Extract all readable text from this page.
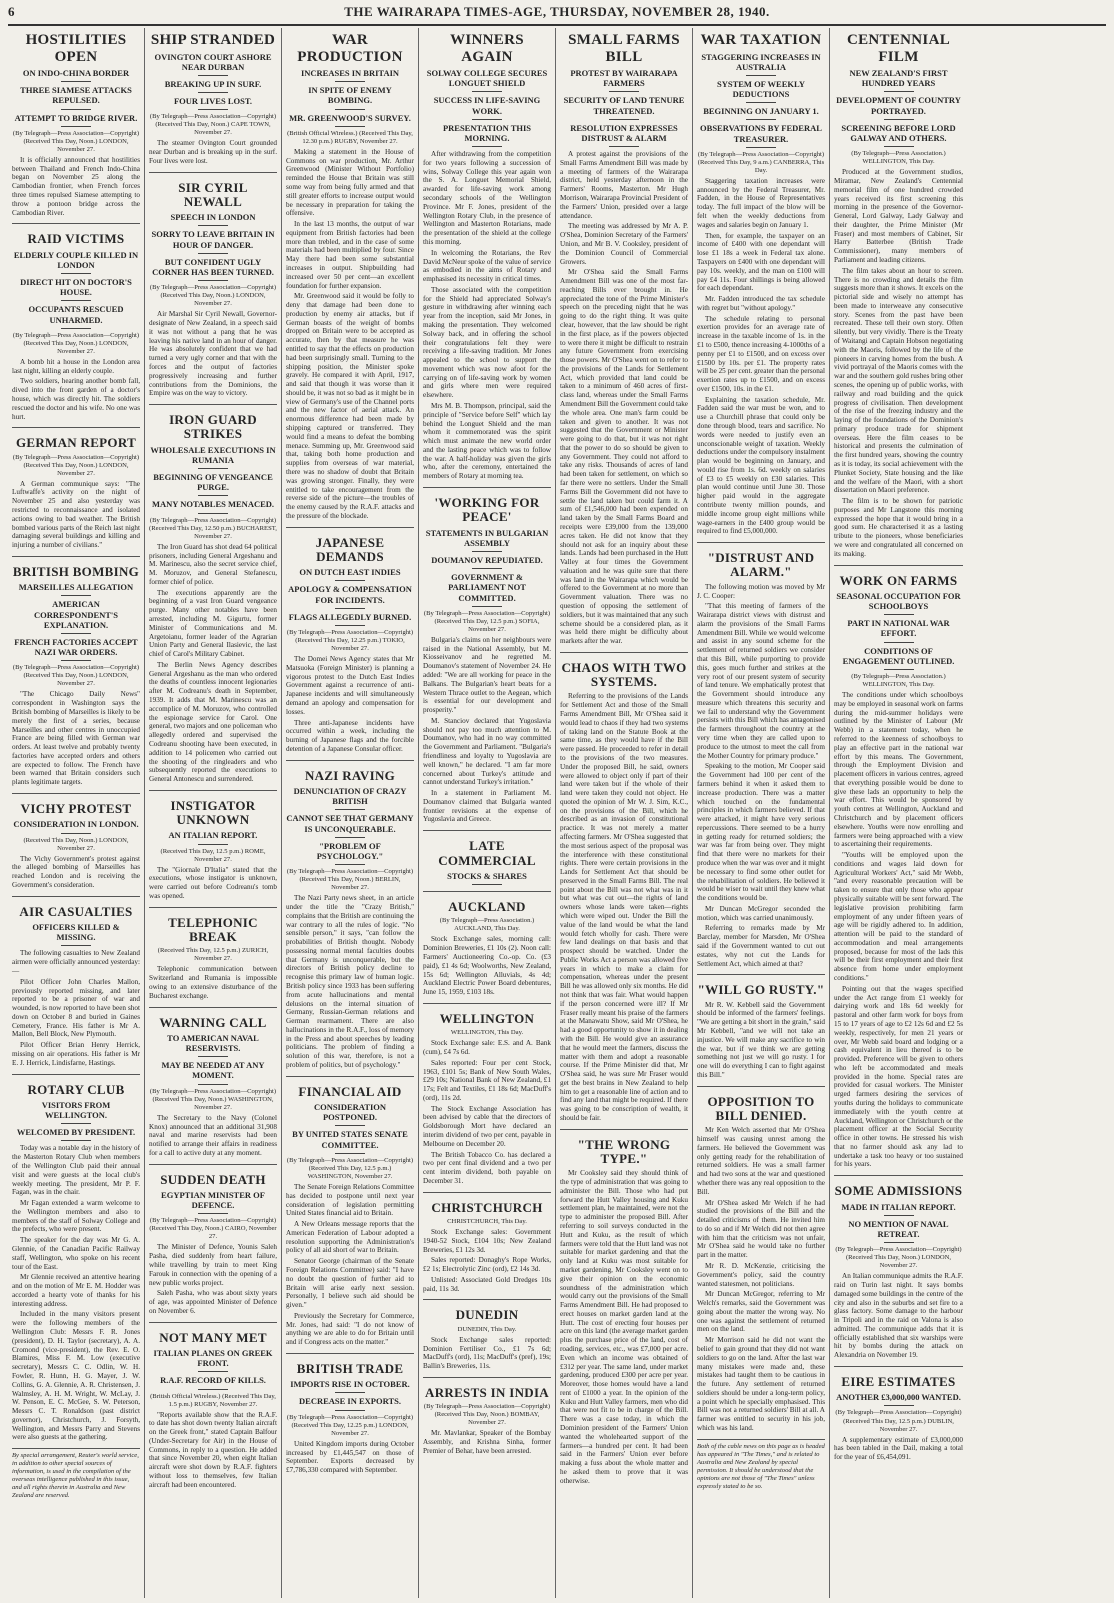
6	THE WAIRARAPA TIMES-AGE, THURSDAY, NOVEMBER 28, 1940.
HOSTILITIES OPEN
ON INDO-CHINA BORDER
THREE SIAMESE ATTACKS REPULSED.
ATTEMPT TO BRIDGE RIVER.
(By Telegraph—Press Association—Copyright) (Received This Day, Noon.) LONDON, November 27.

It is officially announced that hostilities between Thailand and French Indo-China began on November 25 along the Cambodian frontier, when French forces three times repulsed Siamese attempting to throw a pontoon bridge across the Cambodian River.

RAID VICTIMS
ELDERLY COUPLE KILLED IN LONDON
DIRECT HIT ON DOCTOR'S HOUSE.
OCCUPANTS RESCUED UNHARMED.
(By Telegraph—Press Association—Copyright) (Received This Day, Noon.) LONDON, November 27.

A bomb hit a house in the London area last night, killing an elderly couple.

Two soldiers, hearing another bomb fall, dived into the front garden of a doctor's house, which was directly hit. The soldiers rescued the doctor and his wife. No one was hurt.

GERMAN REPORT
(By Telegraph—Press Association—Copyright) (Received This Day, Noon.) LONDON, November 27.

A German communique says: "The Luftwaffe's activity on the night of November 25 and also yesterday was restricted to reconnaissance and isolated actions owing to bad weather. The British bombed various parts of the Reich last night damaging several buildings and killing and injuring a number of civilians."

BRITISH BOMBING
MARSEILLES ALLEGATION
AMERICAN CORRESPONDENT'S EXPLANATION.
FRENCH FACTORIES ACCEPT NAZI WAR ORDERS.
(By Telegraph—Press Association—Copyright) (Received This Day, Noon.) LONDON, November 27.

"The Chicago Daily News" correspondent in Washington says the British bombing of Marseilles is likely to be merely the first of a series, because Marseilles and other centres in unoccupied France are being filled with German war orders. At least twelve and probably twenty factories have accepted orders and others are expected to follow. The French have been warned that Britain considers such plants legitimate targets.

VICHY PROTEST
CONSIDERATION IN LONDON.
(Received This Day, Noon.) LONDON, November 27.

The Vichy Government's protest against the alleged bombing of Marseilles has reached London and is receiving the Government's consideration.

AIR CASUALTIES
OFFICERS KILLED & MISSING.

The following casualties to New Zealand airmen were officially announced yesterday:—

Pilot Officer John Charles Mallon, previously reported missing, and later reported to be a prisoner of war and wounded, is now reported to have been shot down on October 8 and buried in Gaines Cemetery, France. His father is Mr A. Mallon, Bell Block, New Plymouth.

Pilot Officer Brian Henry Herrick, missing on air operations. His father is Mr E. J. Herrick, Lindisfarne, Hastings.

ROTARY CLUB
VISITORS FROM WELLINGTON.
WELCOMED BY PRESIDENT.

Today was a notable day in the history of the Masterton Rotary Club when members of the Wellington Club paid their annual visit and were guests at the local club's weekly meeting. The president, Mr P. F. Fagan, was in the chair.

Mr Fagan extended a warm welcome to the Wellington members and also to members of the staff of Solway College and the prefects, who were present.

The speaker for the day was Mr G. A. Glennie, of the Canadian Pacific Railway staff, Wellington, who spoke on his recent tour of the East.

Mr Glennie received an attentive hearing and on the motion of Mr E. M. Hodder was accorded a hearty vote of thanks for his interesting address.

Included in the many visitors present were the following members of the Wellington Club: Messrs F. R. Jones (president), D. H. Taylor (secretary), A. A. Cromond (vice-president), the Rev. E. O. Blamires, Miss F. M. Low (executive secretary), Messrs C. C. Odlin, W. H. Fowler, R. Hunn, H. G. Mayer, J. W. Collins, G. A. Glennie, A. R. Christensen, J. Walmsley, A. H. M. Wright, W. McLay, J. W. Penson, E. C. McGee, S. W. Peterson, Messrs C. T. Ronaldson (past district governor), Christchurch, J. Forsyth, Wellington, and Messrs Parry and Stevens were also guests at the gathering.

By special arrangement, Reuter's world service, in addition to other special sources of information, is used in the compilation of the overseas intelligence published in this issue, and all rights therein in Australia and New Zealand are reserved.
SHIP STRANDED
OVINGTON COURT ASHORE NEAR DURBAN
BREAKING UP IN SURF.
FOUR LIVES LOST.
(By Telegraph—Press Association—Copyright) (Received This Day, Noon.) CAPE TOWN, November 27.

The steamer Ovington Court grounded near Durban and is breaking up in the surf. Four lives were lost.

SIR CYRIL NEWALL
SPEECH IN LONDON
SORRY TO LEAVE BRITAIN IN HOUR OF DANGER.
BUT CONFIDENT UGLY CORNER HAS BEEN TURNED.
(By Telegraph—Press Association—Copyright) (Received This Day, Noon.) LONDON, November 27.

Air Marshal Sir Cyril Newall, Governor-designate of New Zealand, in a speech said it was not without a pang that he was leaving his native land in an hour of danger. He was absolutely confident that we had turned a very ugly corner and that with the forces and the output of factories progressively increasing and further contributions from the Dominions, the Empire was on the way to victory.

IRON GUARD STRIKES
WHOLESALE EXECUTIONS IN RUMANIA
BEGINNING OF VENGEANCE PURGE.
MANY NOTABLES MENACED.
(By Telegraph—Press Association—Copyright) (Received This Day, 12.50 p.m.) BUCHAREST, November 27.

The Iron Guard has shot dead 64 political prisoners, including General Argeshanu and M. Marinescu, also the secret service chief, M. Moruzov, and General Stefanescu, former chief of police.

The executions apparently are the beginning of a vast Iron Guard vengeance purge. Many other notables have been arrested, including M. Gigurtu, former Minister of Communications and M. Argetoianu, former leader of the Agrarian Union Party and General Ilasievic, the last chief of Carol's Military Cabinet.

The Berlin News Agency describes General Argeshanu as the man who ordered the deaths of countless innocent legionaries after M. Codreanu's death in September, 1939. It adds that M. Marinescu was an accomplice of M. Moruzov, who controlled the espionage service for Carol. One general, two majors and one policeman who allegedly ordered and supervised the Codreanu shooting have been executed, in addition to 14 policemen who carried out the shooting of the ringleaders and who subsequently reported the executions to General Antonescu and surrendered.

INSTIGATOR UNKNOWN
AN ITALIAN REPORT.
(Received This Day, 12.5 p.m.) ROME, November 27.

The "Giornale D'Italia" stated that the executions, whose instigator is unknown, were carried out before Codreanu's tomb was opened.

TELEPHONIC BREAK
(Received This Day, 12.5 p.m.) ZURICH, November 27.

Telephonic communication between Switzerland and Rumania is impossible owing to an extensive disturbance of the Bucharest exchange.

WARNING CALL
TO AMERICAN NAVAL RESERVISTS.
MAY BE NEEDED AT ANY MOMENT.
(By Telegraph—Press Association—Copyright) (Received This Day, Noon.) WASHINGTON, November 27.

The Secretary to the Navy (Colonel Knox) announced that an additional 31,908 naval and marine reservists had been notified to arrange their affairs in readiness for a call to active duty at any moment.

SUDDEN DEATH
EGYPTIAN MINISTER OF DEFENCE.
(By Telegraph—Press Association—Copyright) (Received This Day, Noon.) CAIRO, November 27.

The Minister of Defence, Younis Saleh Pasha, died suddenly from heart failure, while travelling by train to meet King Farouk in connection with the opening of a new public works project.

Saleh Pasha, who was about sixty years of age, was appointed Minister of Defence on November 6.

NOT MANY MET
ITALIAN PLANES ON GREEK FRONT.
R.A.F. RECORD OF KILLS.
(British Official Wireless.) (Received This Day, 1.5 p.m.) RUGBY, November 27.

"Reports available show that the R.A.F. to date has shot down twenty Italian aircraft on the Greek front," stated Captain Balfour (Under-Secretary for Air) in the House of Commons, in reply to a question. He added that since November 20, when eight Italian aircraft were shot down by R.A.F. fighters without loss to themselves, few Italian aircraft had been encountered.

WAR PRODUCTION
INCREASES IN BRITAIN
IN SPITE OF ENEMY BOMBING.
MR. GREENWOOD'S SURVEY.
(British Official Wireless.) (Received This Day, 12.30 p.m.) RUGBY, November 27.

Making a statement in the House of Commons on war production, Mr. Arthur Greenwood (Minister Without Portfolio) reminded the House that Britain was still some way from being fully armed and that still greater efforts to increase output would be necessary in preparation for taking the offensive.

In the last 13 months, the output of war equipment from British factories had been more than trebled, and in the case of some materials had been multiplied by four. Since May there had been some substantial increases in output. Shipbuilding had increased over 50 per cent—an excellent foundation for further expansion.

Mr. Greenwood said it would be folly to deny that damage had been done to production by enemy air attacks, but if German boasts of the weight of bombs dropped on Britain were to be accepted as accurate, then by that measure he was entitled to say that the effects on production had been surprisingly small. Turning to the shipping position, the Minister spoke gravely. He compared it with April, 1917, and said that though it was worse than it should be, it was not so bad as it might be in view of Germany's use of the Channel ports and the new factor of aerial attack. An enormous difference had been made by shipping captured or transferred. They would find a means to defeat the bombing menace. Summing up, Mr. Greenwood said that, taking both home production and supplies from overseas of war material, there was no shadow of doubt that Britain was growing stronger. Finally, they were entitled to take encouragement from the reverse side of the picture—the troubles of the enemy caused by the R.A.F. attacks and the pressure of the blockade.

JAPANESE DEMANDS
ON DUTCH EAST INDIES
APOLOGY & COMPENSATION FOR INCIDENTS.
FLAGS ALLEGEDLY BURNED.
(By Telegraph—Press Association—Copyright) (Received This Day, 12.25 p.m.) TOKIO, November 27.

The Domei News Agency states that Mr Matsuoka (Foreign Minister) is planning a vigorous protest to the Dutch East Indies Government against a recurrence of anti-Japanese incidents and will simultaneously demand an apology and compensation for losses.

Three anti-Japanese incidents have occurred within a week, including the burning of Japanese flags and the forcible detention of a Japanese Consular officer.

NAZI RAVING
DENUNCIATION OF CRAZY BRITISH
CANNOT SEE THAT GERMANY IS UNCONQUERABLE.
"PROBLEM OF PSYCHOLOGY."
(By Telegraph—Press Association—Copyright) (Received This Day, Noon.) BERLIN, November 27.

The Nazi Party news sheet, in an article under the title the "Crazy British," complains that the British are continuing the war contrary to all the rules of logic. "No sensible person," it says, "can follow the probabilities of British thought. Nobody possessing normal mental faculties doubts that Germany is unconquerable, but the directors of British policy decline to recognise this primary law of human logic. British policy since 1933 has been suffering from acute hallucinations and mental delusions on the internal situation of Germany, Russian-German relations and German rearmament. There are also hallucinations in the R.A.F., loss of memory in the Press and about speeches by leading politicians. The problem of finding a solution of this war, therefore, is not a problem of politics, but of psychology."

FINANCIAL AID
CONSIDERATION POSTPONED.
BY UNITED STATES SENATE COMMITTEE.
(By Telegraph—Press Association—Copyright) (Received This Day, 12.5 p.m.) WASHINGTON, November 27.

The Senate Foreign Relations Committee has decided to postpone until next year consideration of legislation permitting United States financial aid to Britain.

A New Orleans message reports that the American Federation of Labour adopted a resolution supporting the Administration's policy of all aid short of war to Britain.

Senator George (chairman of the Senate Foreign Relations Committee) said: "I have no doubt the question of further aid to Britain will arise early next session. Personally, I believe such aid should be given."

Previously the Secretary for Commerce, Mr. Jones, had said: "I do not know of anything we are able to do for Britain until and if Congress acts on the matter."

BRITISH TRADE
IMPORTS RISE IN OCTOBER.
DECREASE IN EXPORTS.
(By Telegraph—Press Association—Copyright) (Received This Day, 12.25 p.m.) LONDON, November 27.

United Kingdom imports during October increased by £1,445,547 on those of September. Exports decreased by £7,786,330 compared with September.

WINNERS AGAIN
SOLWAY COLLEGE SECURES LONGUET SHIELD
SUCCESS IN LIFE-SAVING WORK.
PRESENTATION THIS MORNING.

After withdrawing from the competition for two years following a succession of wins, Solway College this year again won the S. A. Longuet Memorial Shield, awarded for life-saving work among secondary schools of the Wellington Province. Mr F. Jones, president of the Wellington Rotary Club, in the presence of Wellington and Masterton Rotarians, made the presentation of the shield at the college this morning.

In welcoming the Rotarians, the Rev David McNeur spoke of the value of service as embodied in the aims of Rotary and emphasised its necessity in critical times.

Those associated with the competition for the Shield had appreciated Solway's gesture in withdrawing after winning each year from the inception, said Mr Jones, in making the presentation. They welcomed Solway back, and in offering the school their congratulations felt they were receiving a life-saving tradition. Mr Jones appealed to the school to support the movement which was now afoot for the carrying on of life-saving work by women and girls where men were required elsewhere.

Mrs M. B. Thompson, principal, said the principle of "Service before Self" which lay behind the Longuet Shield and the man whom it commemorated was the spirit which must animate the new world order and the lasting peace which was to follow the war. A half-holiday was given the girls who, after the ceremony, entertained the members of Rotary at morning tea.

'WORKING FOR PEACE'
STATEMENTS IN BULGARIAN ASSEMBLY
DOUMANOV REPUDIATED.
GOVERNMENT & PARLIAMENT NOT COMMITTED.
(By Telegraph—Press Association—Copyright) (Received This Day, 12.5 p.m.) SOFIA, November 27.

Bulgaria's claims on her neighbours were raised in the National Assembly, but M. Kiosseivanov and he regretted M. Doumanov's statement of November 24. He added: "We are all working for peace in the Balkans. The Bulgarian's heart beats for a Western Thrace outlet to the Aegean, which is essential for our development and prosperity."

M. Stanciov declared that Yugoslavia should not pay too much attention to M. Doumanov, who had in no way committed the Government and Parliament. "Bulgaria's friendliness and loyalty to Yugoslavia are well known," he declared. "I am far more concerned about Turkey's attitude and cannot understand Turkey's irritation."

In a statement in Parliament M. Doumanov claimed that Bulgaria wanted frontier revisions at the expense of Yugoslavia and Greece.

LATE COMMERCIAL
STOCKS & SHARES
AUCKLAND
(By Telegraph—Press Association.) AUCKLAND, This Day.

Stock Exchange sales, morning call: Dominion Breweries, £1 10s (2). Noon call: Farmers' Auctioneering Co.-op. Co. (£3 paid), £1 4s 6d; Woolworths, New Zealand, 15s 6d; Wellington Alluvials, 4s 4d; Auckland Electric Power Board debentures, June 15, 1959, £103 18s.

WELLINGTON
WELLINGTON, This Day.

Stock Exchange sale: E.S. and A. Bank (cum), £4 7s 6d.

Sales reported: Four per cent Stock, 1963, £101 5s; Bank of New South Wales, £29 10s; National Bank of New Zealand, £1 17s; Felt and Textiles, £1 18s 6d; MacDuff's (ord), 11s 2d.

The Stock Exchange Association has been advised by cable that the directors of Goldsborough Mort have declared an interim dividend of two per cent, payable in Melbourne on December 20.

The British Tobacco Co. has declared a two per cent final dividend and a two per cent interim dividend, both payable on December 31.

CHRISTCHURCH
CHRISTCHURCH, This Day.

Stock Exchange sales: Government 1940-52 Stock, £104 10s; New Zealand Breweries, £1 12s 3d.

Sales reported: Donaghy's Rope Works, £2 1s; Electrolytic Zinc (ord), £2 14s 3d.

Unlisted: Associated Gold Dredges 10s paid, 11s 3d.

DUNEDIN
DUNEDIN, This Day.

Stock Exchange sales reported: Dominion Fertiliser Co., £1 7s 6d; MacDuff's (ord), 11s; MacDuff's (pref), 19s; Ballin's Breweries, 11s.

ARRESTS IN INDIA
(By Telegraph—Press Association—Copyright) (Received This Day, Noon.) BOMBAY, November 27.

Mr. Mavlankar, Speaker of the Bombay Assembly, and Krishna Sinha, former Premier of Behar, have been arrested.

SMALL FARMS BILL
PROTEST BY WAIRARAPA FARMERS
SECURITY OF LAND TENURE THREATENED.
RESOLUTION EXPRESSES DISTRUST & ALARM

A protest against the provisions of the Small Farms Amendment Bill was made by a meeting of farmers of the Wairarapa district, held yesterday afternoon in the Farmers' Rooms, Masterton. Mr Hugh Morrison, Wairarapa Provincial President of the Farmers' Union, presided over a large attendance.

The meeting was addressed by Mr A. P. O'Shea, Dominion Secretary of the Farmers' Union, and Mr B. V. Cooksley, president of the Dominion Council of Commercial Growers.

Mr O'Shea said the Small Farms Amendment Bill was one of the most far-reaching Bills ever brought in. He appreciated the tone of the Prime Minister's speech on the preceding night that he was going to do the right thing. It was quite clear, however, that the law should be right in the first place, as if the powers objected to were there it might be difficult to restrain any future Government from exercising those powers. Mr O'Shea went on to refer to the provisions of the Lands for Settlement Act, which provided that land could be taken to a minimum of 460 acres of first-class land, whereas under the Small Farms Amendment Bill the Government could take the whole area. One man's farm could be taken and given to another. It was not suggested that the Government or Minister were going to do that, but it was not right that the power to do so should be given to any Government. They could not afford to take any risks. Thousands of acres of land had been taken for settlement, on which so far there were no settlers. Under the Small Farms Bill the Government did not have to settle the land taken but could farm it. A sum of £1,546,000 had been expended on land taken by the Small Farms Board and receipts were £39,000 from the 139,000 acres taken. He did not know that they should not ask for an inquiry about these lands. Lands had been purchased in the Hutt Valley at four times the Government valuation and he was quite sure that there was land in the Wairarapa which would be offered to the Government at no more than Government valuation. There was no question of opposing the settlement of soldiers, but it was maintained that any such scheme should be a considered plan, as it was held there might be difficulty about markets after the war.

CHAOS WITH TWO SYSTEMS.

Referring to the provisions of the Lands for Settlement Act and those of the Small Farms Amendment Bill, Mr O'Shea said it would lead to chaos if they had two systems of taking land on the Statute Book at the same time, as they would have if the Bill were passed. He proceeded to refer in detail to the provisions of the two measures. Under the proposed Bill, he said, owners were allowed to object only if part of their land were taken but if the whole of their land were taken they could not object. He quoted the opinion of Mr W. J. Sim, K.C., on the provisions of the Bill, which he described as an invasion of constitutional practice. It was not merely a matter affecting farmers. Mr O'Shea suggested that the most serious aspect of the proposal was the interference with these constitutional rights. There were certain provisions in the Lands for Settlement Act that should be preserved in the Small Farms Bill. The real point about the Bill was not what was in it but what was cut out—the rights of land owners whose lands were taken—rights which were wiped out. Under the Bill the value of the land would be what the land would fetch wholly for cash. There were few land dealings on that basis and that prospect should be watched. Under the Public Works Act a person was allowed five years in which to make a claim for compensation, whereas under the present Bill he was allowed only six months. He did not think that was fair. What would happen if the person concerned were ill? If Mr Fraser really meant his praise of the farmers at the Manawatu Show, said Mr O'Shea, he had a good opportunity to show it in dealing with the Bill. He would give an assurance that he would meet the farmers, discuss the matter with them and adopt a reasonable course. If the Prime Minister did that, Mr O'Shea said, he was sure Mr Fraser would get the best brains in New Zealand to help him to get a reasonable line of action and to find any land that might be required. If there was going to be conscription of wealth, it should be fair.

"THE WRONG TYPE."

Mr Cooksley said they should think of the type of administration that was going to administer the Bill. Those who had put forward the Hutt Valley housing and Kuku settlement plan, he maintained, were not the type to administer the proposed Bill. After referring to soil surveys conducted in the Hutt and Kuku, as the result of which farmers were told that the Hutt land was not suitable for market gardening and that the only land at Kuku was most suitable for market gardening, Mr Cooksley went on to give their opinion on the economic soundness of the administration which would carry out the provisions of the Small Farms Amendment Bill. He had proposed to erect houses on market garden land at the Hutt. The cost of erecting four houses per acre on this land (the average market garden plus the purchase price of the land, cost of roading, services, etc., was £7,000 per acre. Even which an income was obtained of £312 per year. The same land, under market gardening, produced £300 per acre per year. Moreover, those homes would have a land rent of £1000 a year. In the opinion of the Kuku and Hutt Valley farmers, men who did that were not fit to be in charge of the Bill. There was a case today, in which the Dominion president of the Farmers' Union wanted the wholehearted support of the farmers—a hundred per cent. It had been said in the Farmers' Union ever before making a fuss about the whole matter and he asked them to prove that it was otherwise.

WAR TAXATION
STAGGERING INCREASES IN AUSTRALIA
SYSTEM OF WEEKLY DEDUCTIONS
BEGINNING ON JANUARY 1.
OBSERVATIONS BY FEDERAL TREASURER.
(By Telegraph—Press Association—Copyright) (Received This Day, 9 a.m.) CANBERRA, This Day.

Staggering taxation increases were announced by the Federal Treasurer, Mr. Fadden, in the House of Representatives today. The full impact of the blow will be felt when the weekly deductions from wages and salaries begin on January 1.

Then, for example, the taxpayer on an income of £400 with one dependant will lose £1 18s a week in Federal tax alone. Taxpayers on £400 with one dependant will pay 10s. weekly, and the man on £100 will pay £4 11s. Four shillings is being allowed for each dependant.

Mr. Fadden introduced the tax schedule with regret but "without apology."

The schedule relating to personal exertion provides for an average rate of increase in the taxable income of 1s. in the £1 to £500, thence increasing 4-1000ths of a penny per £1 to £1500, and on excess over £1500 by 10s. per £1. The property rates will be 25 per cent. greater than the personal exertion rates up to £1500, and on excess over £1500, 10s. in the £1.

Explaining the taxation schedule, Mr. Fadden said the war must be won, and to use a Churchill phrase that could only be done through blood, tears and sacrifice. No words were needed to justify even an unconscionable weight of taxation. Weekly deductions under the compulsory instalment plan would be beginning on January, and would rise from 1s. 6d. weekly on salaries of £3 to £5 weekly on £30 salaries. This plan would continue until June 30. Those higher paid would in the aggregate contribute twenty million pounds, and middle income group eight millions while wage-earners in the £400 group would be required to find £5,000,000.

"DISTRUST AND ALARM."

The following motion was moved by Mr J. C. Cooper:

"That this meeting of farmers of the Wairarapa district views with distrust and alarm the provisions of the Small Farms Amendment Bill. While we would welcome and assist in any sound scheme for the settlement of returned soldiers we consider that this Bill, while purporting to provide this, goes much further and strikes at the very root of our present system of security of land tenure. We emphatically protest that the Government should introduce any measure which threatens this security and we fail to understand why the Government persists with this Bill which has antagonised the farmers throughout the country at the very time when they are called upon to produce to the utmost to meet the call from the Mother Country for primary produce."

Speaking to the motion, Mr Cooper said the Government had 100 per cent of the farmers behind it when it asked them to increase production. There was a matter which touched on the fundamental principles in which farmers believed. If that were attacked, it might have very serious repercussions. There seemed to be a hurry in getting ready for returned soldiers; the war was far from being over. They might find that there were no markets for their produce when the war was over and it might be necessary to find some other outlet for the rehabilitation of soldiers. He believed it would be wiser to wait until they knew what the conditions would be.

Mr Duncan McGregor seconded the motion, which was carried unanimously.

Referring to remarks made by Mr Barclay, member for Marsden, Mr O'Shea said if the Government wanted to cut out estates, why not cut the Lands for Settlement Act, which aimed at that?

"WILL GO RUSTY."

Mr R. W. Kebbell said the Government should be informed of the farmers' feelings. "We are getting a bit short in the grain," said Mr Kebbell, "and we will not take an injustice. We will make any sacrifice to win the war, but if we think we are getting something not just we will go rusty. I for one will do everything I can to fight against this Bill."

OPPOSITION TO BILL DENIED.

Mr Ken Welch asserted that Mr O'Shea himself was causing unrest among the farmers. He believed the Government was only getting ready for the rehabilitation of returned soldiers. He was a small farmer and had two sons at the war and questioned whether there was any real opposition to the Bill.

Mr O'Shea asked Mr Welch if he had studied the provisions of the Bill and the detailed criticisms of them. He invited him to do so and if Mr Welch did not then agree with him that the criticism was not unfair, Mr O'Shea said he would take no further part in the matter.

Mr R. D. McKenzie, criticising the Government's policy, said the country wanted statesmen, not politicians.

Mr Duncan McGregor, referring to Mr Welch's remarks, said the Government was going about the matter the wrong way. No one was against the settlement of returned men on the land.

Mr Morrison said he did not want the belief to gain ground that they did not want soldiers to go on the land. After the last war many mistakes were made and, these mistakes had taught them to be cautious in the future. Any settlement of returned soldiers should be under a long-term policy, a point which he specially emphasised. This Bill was not a returned soldiers' Bill at all. A farmer was entitled to security in his job, which was his land.

Both of the cable news on this page as is headed has appeared in "The Times," and is related to Australia and New Zealand by special permission. It should be understood that the opinions are not those of "The Times" unless expressly stated to be so.
CENTENNIAL FILM
NEW ZEALAND'S FIRST HUNDRED YEARS
DEVELOPMENT OF COUNTRY PORTRAYED.
SCREENING BEFORE LORD GALWAY AND OTHERS.
(By Telegraph—Press Association.) WELLINGTON, This Day.

Produced at the Government studios, Miramar, New Zealand's Centennial memorial film of one hundred crowded years received its first screening this morning in the presence of the Governor-General, Lord Galway, Lady Galway and their daughter, the Prime Minister (Mr Fraser) and most members of Cabinet, Sir Harry Batterbee (British Trade Commissioner), many members of Parliament and leading citizens.

The film takes about an hour to screen. There is no crowding and details the film suggests more than it shows. It excels on the pictorial side and wisely no attempt has been made to interweave any consecutive story. Scenes from the past have been recreated. These tell their own story. Often silently, but very vividly. There is the Treaty of Waitangi and Captain Hobson negotiating with the Maoris, followed by the life of the pioneers in carving homes from the bush. A vivid portrayal of the Maoris comes with the war and the southern gold rushes bring other scenes, the opening up of public works, with railway and road building and the quick progress of civilisation. Then development of the rise of the freezing industry and the laying of the foundations of the Dominion's primary produce trade for shipment overseas. Here the film ceases to be historical and presents the culmination of the first hundred years, showing the country as it is today, its social achievement with the Plunket Society, State housing and the like and the welfare of the Maori, with a short dissertation on Maori preference.

The film is to be shown for patriotic purposes and Mr Langstone this morning expressed the hope that it would bring in a good sum. He characterised it as a lasting tribute to the pioneers, whose beneficiaries we were and congratulated all concerned on its making.

WORK ON FARMS
SEASONAL OCCUPATION FOR SCHOOLBOYS
PART IN NATIONAL WAR EFFORT.
CONDITIONS OF ENGAGEMENT OUTLINED.
(By Telegraph—Press Association.) WELLINGTON, This Day.

The conditions under which schoolboys may be employed in seasonal work on farms during the mid-summer holidays were outlined by the Minister of Labour (Mr Webb) in a statement today, when he referred to the keenness of schoolboys to play an effective part in the national war effort by this means. The Government, through the Employment Division and placement officers in various centres, agreed that everything possible would be done to give these lads an opportunity to help the war effort. This would be sponsored by youth centres at Wellington, Auckland and Christchurch and by placement officers elsewhere. Youths were now enrolling and farmers were being approached with a view to ascertaining their requirements.

"Youths will be employed upon the conditions and wages laid down for Agricultural Workers' Act," said Mr Webb, "and every reasonable precaution will be taken to ensure that only those who appear physically suitable will be sent forward. The legislative provision prohibiting farm employment of any under fifteen years of age will be rigidly adhered to. In addition, attention will be paid to the standard of accommodation and meal arrangements proposed, because for most of the lads this will be their first employment and their first absence from home under employment conditions."

Pointing out that the wages specified under the Act range from £1 weekly for dairying work and 18s 6d weekly for pastoral and other farm work for boys from 15 to 17 years of age to £2 12s 6d and £2 5s weekly, respectively, for men 21 years or over, Mr Webb said board and lodging or a cash equivalent in lieu thereof is to be provided. Preference will be given to others who left be accommodated and meals provided in the home. Special rates are provided for casual workers. The Minister urged farmers desiring the services of youths during the holidays to communicate immediately with the youth centre at Auckland, Wellington or Christchurch or the placement officer at the Social Security office in other towns. He stressed his wish that no farmer should ask any lad to undertake a task too heavy or too sustained for his years.

SOME ADMISSIONS
MADE IN ITALIAN REPORT.
NO MENTION OF NAVAL RETREAT.
(By Telegraph—Press Association—Copyright) (Received This Day, Noon.) LONDON, November 27.

An Italian communique admits the R.A.F. raid on Turin last night. It says bombs damaged some buildings in the centre of the city and also in the suburbs and set fire to a glass factory. Some damage to the harbour in Tripoli and in the raid on Valona is also admitted. The communique adds that it is officially established that six warships were hit by bombs during the attack on Alexandria on November 19.

EIRE ESTIMATES
ANOTHER £3,000,000 WANTED.
(By Telegraph—Press Association—Copyright) (Received This Day, 12.5 p.m.) DUBLIN, November 27.

A supplementary estimate of £3,000,000 has been tabled in the Dail, making a total for the year of £6,454,091.
